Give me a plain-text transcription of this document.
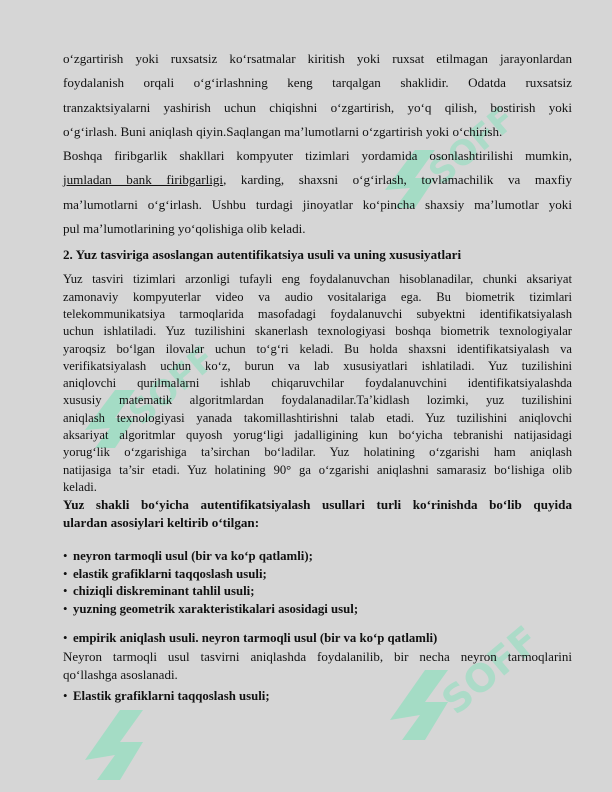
SOFF
SOFF
SOFF

o‘zgartirish yoki ruxsatsiz ko‘rsatmalar kiritish yoki ruxsat etilmagan jarayonlardan

foydalanish orqali o‘g‘irlashning keng tarqalgan shaklidir. Odatda ruxsatsiz

tranzaktsiyalarni yashirish uchun chiqishni o‘zgartirish, yo‘q qilish, bostirish yoki

o‘g‘irlash. Buni aniqlash qiyin.Saqlangan ma’lumotlarni o‘zgartirish yoki o‘chirish.

Boshqa firibgarlik shakllari kompyuter tizimlari yordamida osonlashtirilishi mumkin,

jumladan bank firibgarligi, karding, shaxsni o‘g‘irlash, tovlamachilik va maxfiy

ma’lumotlarni o‘g‘irlash. Ushbu turdagi jinoyatlar ko‘pincha shaxsiy ma’lumotlar yoki

pul ma’lumotlarining yo‘qolishiga olib keladi.

2. Yuz tasviriga asoslangan autentifikatsiya usuli va uning xususiyatlari
Yuz tasviri tizimlari arzonligi tufayli eng foydalanuvchan hisoblanadilar, chunki aksariyat
zamonaviy kompyuterlar video va audio vositalariga ega. Bu biometrik tizimlari
telekommunikatsiya tarmoqlarida masofadagi foydalanuvchi subyektni identifikatsiyalash
uchun ishlatiladi. Yuz tuzilishini skanerlash texnologiyasi boshqa biometrik texnologiyalar
yaroqsiz bo‘lgan ilovalar uchun to‘g‘ri keladi. Bu holda shaxsni identifikatsiyalash va
verifikatsiyalash uchun ko‘z, burun va lab xususiyatlari ishlatiladi. Yuz tuzilishini
aniqlovchi qurilmalarni ishlab chiqaruvchilar foydalanuvchini identifikatsiyalashda
xususiy matematik algoritmlardan foydalanadilar.Ta’kidlash lozimki, yuz tuzilishini
aniqlash texnologiyasi yanada takomillashtirishni talab etadi. Yuz tuzilishini aniqlovchi
aksariyat algoritmlar quyosh yorug‘ligi jadalligining kun bo‘yicha tebranishi natijasidagi
yorug‘lik o‘zgarishiga ta’sirchan bo‘ladilar. Yuz holatining o‘zgarishi ham aniqlash
natijasiga ta’sir etadi. Yuz holatining 90° ga o‘zgarishi aniqlashni samarasiz bo‘lishiga olib
keladi.
Yuz shakli bo‘yicha autentifikatsiyalash usullari turli ko‘rinishda bo‘lib quyida
ulardan asosiylari keltirib o‘tilgan:
• neyron tarmoqli usul (bir va ko‘p qatlamli);
• elastik grafiklarni taqqoslash usuli;
• chiziqli diskreminant tahlil usuli;
• yuzning geometrik xarakteristikalari asosidagi usul;
• empirik aniqlash usuli. neyron tarmoqli usul (bir va ko‘p qatlamli)
Neyron tarmoqli usul tasvirni aniqlashda foydalanilib, bir necha neyron tarmoqlarini
qo‘llashga asoslanadi.
• Elastik grafiklarni taqqoslash usuli;
